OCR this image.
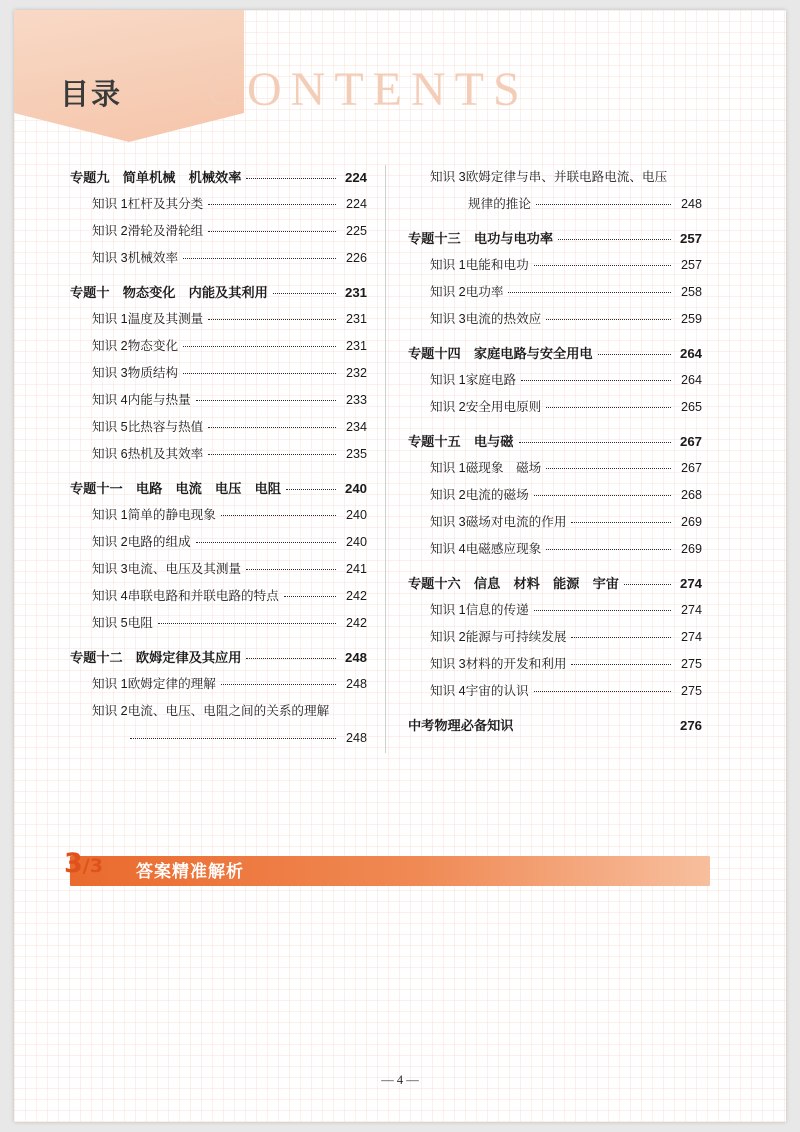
目录 CONTENTS
专题九　简单机械　机械效率	224
知识 1 杠杆及其分类	224
知识 2 滑轮及滑轮组	225
知识 3 机械效率	226
专题十　物态变化　内能及其利用	231
知识 1 温度及其测量	231
知识 2 物态变化	231
知识 3 物质结构	232
知识 4 内能与热量	233
知识 5 比热容与热值	234
知识 6 热机及其效率	235
专题十一　电路　电流　电压　电阻	240
知识 1 简单的静电现象	240
知识 2 电路的组成	240
知识 3 电流、电压及其测量	241
知识 4 串联电路和并联电路的特点	242
知识 5 电阻	242
专题十二　欧姆定律及其应用	248
知识 1 欧姆定律的理解	248
知识 2 电流、电压、电阻之间的关系的理解
248
知识 3 欧姆定律与串、并联电路电流、电压
规律的推论	248
专题十三　电功与电功率	257
知识 1 电能和电功	257
知识 2 电功率	258
知识 3 电流的热效应	259
专题十四　家庭电路与安全用电	264
知识 1 家庭电路	264
知识 2 安全用电原则	265
专题十五　电与磁	267
知识 1 磁现象　磁场	267
知识 2 电流的磁场	268
知识 3 磁场对电流的作用	269
知识 4 电磁感应现象	269
专题十六　信息　材料　能源　宇宙	274
知识 1 信息的传递	274
知识 2 能源与可持续发展	274
知识 3 材料的开发和利用	275
知识 4 宇宙的认识	275
中考物理必备知识	276
3/3 答案精准解析
— 4 —
